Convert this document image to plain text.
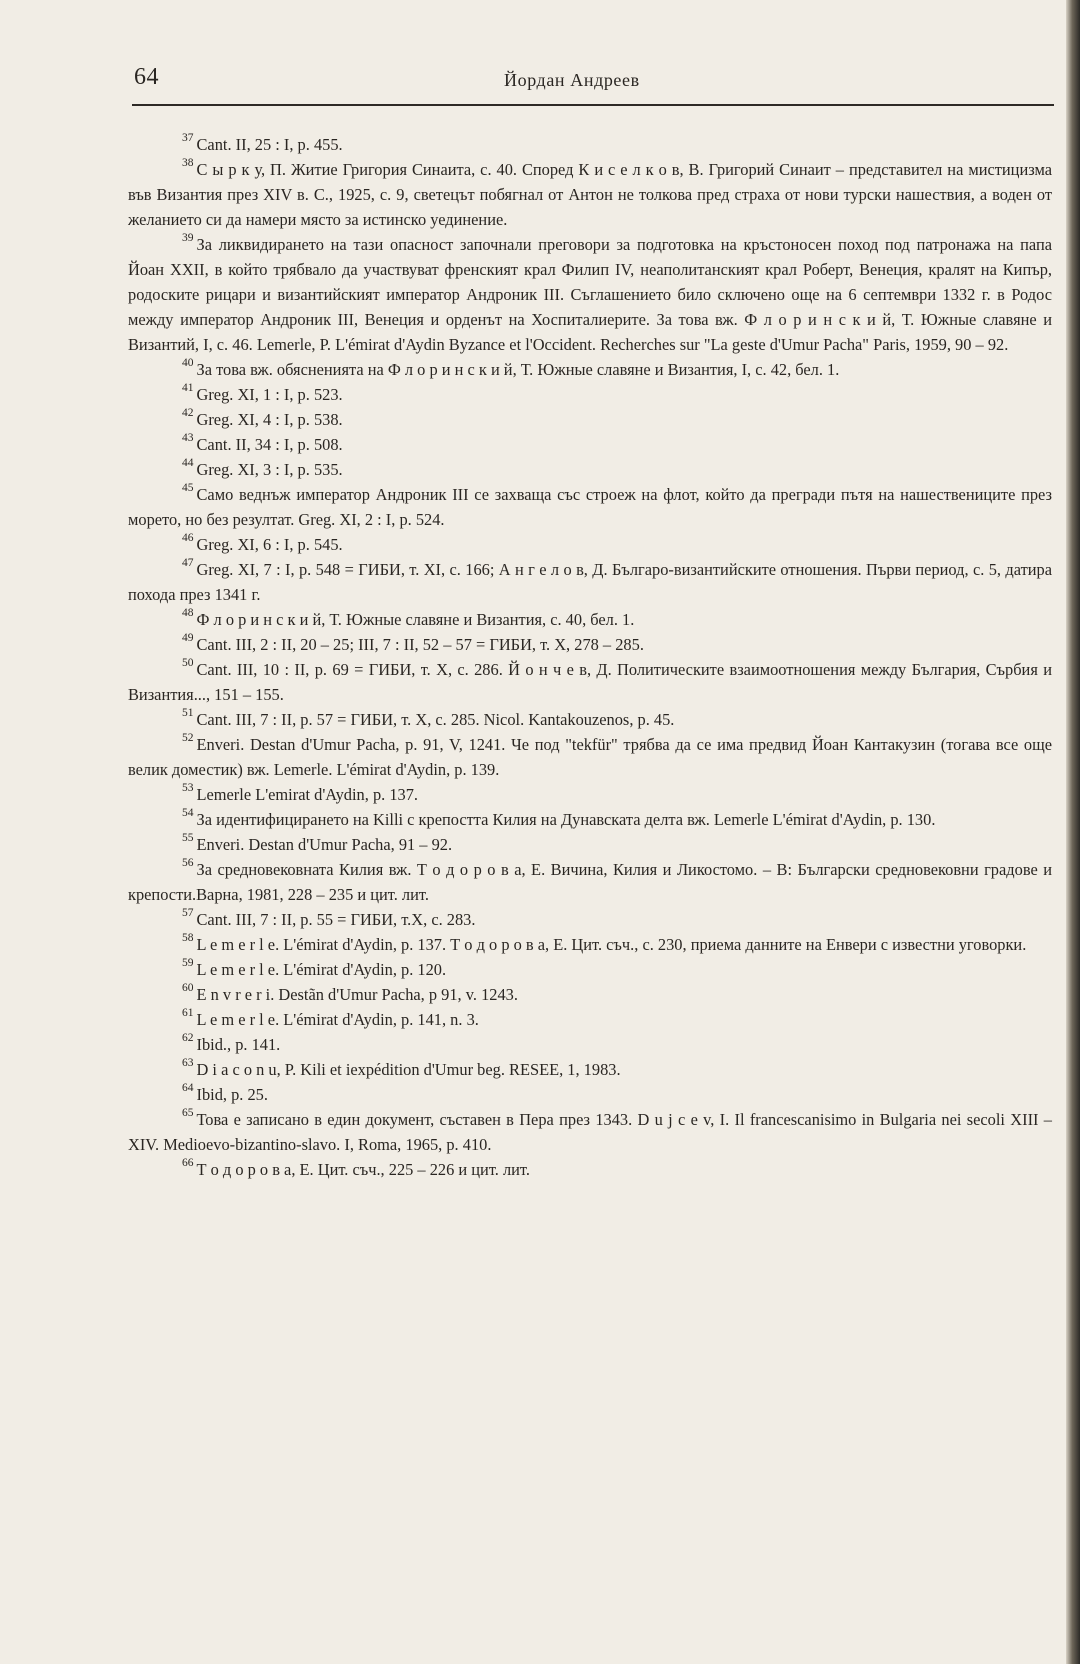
64	Йордан Андреев

$^{37}$ Cant. II, 25 : I, p. 455.

$^{38}$ С ы р к у, П. Житие Григория Синаита, с. 40. Според К и с е л к о в, В. Григорий Синаит – представител на мистицизма във Византия през XIV в. С., 1925, с. 9, светецът побягнал от Антон не толкова пред страха от нови турски нашествия, а воден от желанието си да намери място за истинско уединение.

$^{39}$ За ликвидирането на тази опасност започнали преговори за подготовка на кръстоносен поход под патронажа на папа Йоан XXII, в който трябвало да участвуват френският крал Филип IV, неаполитанският крал Роберт, Венеция, кралят на Кипър, родоските рицари и византийският император Андроник III. Съглашението било сключено още на 6 септември 1332 г. в Родос между император Андроник III, Венеция и орденът на Хоспиталиерите. За това вж. Ф л о р и н с к и й, Т. Южные славяне и Византий, I, с. 46. Lemerle, P. L'émirat d'Aydin Byzance et l'Occident. Recherches sur "La geste d'Umur Pacha" Paris, 1959, 90 – 92.

$^{40}$ За това вж. обясненията на Ф л о р и н с к и й, Т. Южные славяне и Византия, I, с. 42, бел. 1.

$^{41}$ Greg. XI, 1 : I, p. 523.

$^{42}$ Greg. XI, 4 : I, p. 538.

$^{43}$ Cant. II, 34 : I, p. 508.

$^{44}$ Greg. XI, 3 : I, p. 535.

$^{45}$ Само веднъж император Андроник III се захваща със строеж на флот, който да прегради пътя на нашествениците през морето, но без резултат. Greg. XI, 2 : I, p. 524.

$^{46}$ Greg. XI, 6 : I, p. 545.

$^{47}$ Greg. XI, 7 : I, p. 548 = ГИБИ, т. XI, с. 166; А н г е л о в, Д. Българо-византийските отношения. Първи период, с. 5, датира похода през 1341 г.

$^{48}$ Ф л о р и н с к и й, Т. Южные славяне и Византия, с. 40, бел. 1.

$^{49}$ Cant. III, 2 : II, 20 – 25; III, 7 : II, 52 – 57 = ГИБИ, т. X, 278 – 285.

$^{50}$ Cant. III, 10 : II, p. 69 = ГИБИ, т. X, с. 286. Й о н ч е в, Д. Политическите взаимоотношения между България, Сърбия и Византия..., 151 – 155.

$^{51}$ Cant. III, 7 : II, p. 57 = ГИБИ, т. X, с. 285. Nicol. Kantakouzenos, p. 45.

$^{52}$ Enveri. Destan d'Umur Pacha, p. 91, V, 1241. Че под "tekfür" трябва да се има предвид Йоан Кантакузин (тогава все още велик доместик) вж. Lemerle. L'émirat d'Aydin, p. 139.

$^{53}$ Lemerle L'emirat d'Aydin, p. 137.

$^{54}$ За идентифицирането на Killi с крепостта Килия на Дунавската делта вж. Lemerle L'émirat d'Aydin, p. 130.

$^{55}$ Enveri. Destan d'Umur Pacha, 91 – 92.

$^{56}$ За средновековната Килия вж. Т о д о р о в а, Е. Вичина, Килия и Ликостомо. – В: Български средновековни градове и крепости.Варна, 1981, 228 – 235 и цит. лит.

$^{57}$ Cant. III, 7 : II, p. 55 = ГИБИ, т.X, с. 283.

$^{58}$ L e m e r l e. L'émirat d'Aydin, p. 137. Т о д о р о в а, Е. Цит. съч., с. 230, приема данните на Енвери с известни уговорки.

$^{59}$ L e m e r l e. L'émirat d'Aydin, p. 120.

$^{60}$ E n v r e r i. Destãn d'Umur Pacha, p 91, v. 1243.

$^{61}$ L e m e r l e. L'émirat d'Aydin, p. 141, n. 3.

$^{62}$ Ibid., p. 141.

$^{63}$ D i a c o n u, P. Kili et iexpédition d'Umur beg. RESEE, 1, 1983.

$^{64}$ Ibid, p. 25.

$^{65}$ Това е записано в един документ, съставен в Пера през 1343. D u j c e v, I. Il francescanisimo in Bulgaria nei secoli XIII – XIV. Medioevo-bizantino-slavo. I, Roma, 1965, p. 410.

$^{66}$ Т о д о р о в а, Е. Цит. съч., 225 – 226 и цит. лит.
